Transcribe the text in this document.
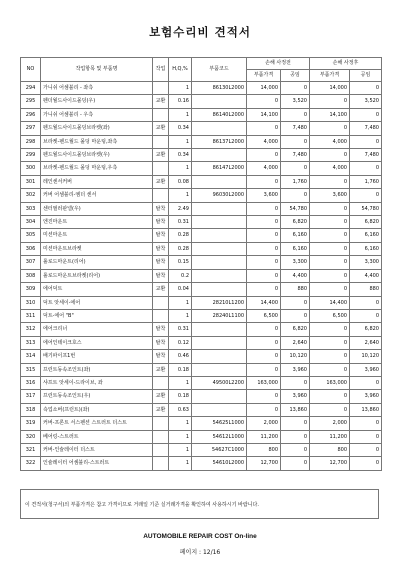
보험수리비 견적서
NO	작업항목 및 부품명	작업	H,Q,%	부품코드	손해 사정전		손해 사정후	
					부품가격	공임	부품가격	공임
294	가니쉬 어셈블리 - 좌측		1	86130L2000	14,000	0	14,000	0
295	펜더월드사이드몰딩(우)	교환	0.16		0	3,520	0	3,520
296	가니쉬 어셈블리 - 우측		1	86140L2000	14,100	0	14,100	0
297	펜드월드사이드몰딩브라켓(좌)	교환	0.34		0	7,480	0	7,480
298	브라켓-펜드월드 몰딩 마운팅,좌측		1	86137L2000	4,000	0	4,000	0
299	펜드월드사이드몰딩브라켓(우)	교환	0.34		0	7,480	0	7,480
300	브라켓-펜드월드 몰딩 마운팅,우측		1	86147L2000	4,000	0	4,000	0
301	레인센서커버	교환	0.08		0	1,760	0	1,760
302	커버 어셈블리-엠더 센서		1	96030L2000	3,600	0	3,600	0
303	센터필러판넬(우)	탈착	2.49		0	54,780	0	54,780
304	엔진마운트	탈착	0.31		0	6,820	0	6,820
305	미션마운트	탈착	0.28		0	6,160	0	6,160
306	미션마운트브라켓	탈착	0.28		0	6,160	0	6,160
307	롤로드마운트(리어)	탈착	0.15		0	3,300	0	3,300
308	롤로드마운트브라켓(리어)	탈착	0.2		0	4,400	0	4,400
309	에어덕트	교환	0.04		0	880	0	880
310	덕트 앗세이-에어		1	28210L1200	14,400	0	14,400	0
311	덕트-에어 "B"		1	28240L1100	6,500	0	6,500	0
312	에어크리너	탈착	0.31		0	6,820	0	6,820
313	에어인테이크호스	탈착	0.12		0	2,640	0	2,640
314	배기파이프1번	탈착	0.46		0	10,120	0	10,120
315	프런트동속조인트(좌)	교환	0.18		0	3,960	0	3,960
316	샤프트 앗세이-드라이브, 좌		1	49500L2200	163,000	0	163,000	0
317	프런트동속조인트(우)	교환	0.18		0	3,960	0	3,960
318	쇽업소버(프런트)(좌)	교환	0.63		0	13,860	0	13,860
319	커버-프론트 서스펜션 스트러트 더스트		1	54625L1000	2,000	0	2,000	0
320	베어링-스트러트		1	54612L1000	11,200	0	11,200	0
321	커버-인슐레이터 더스트		1	54627C1000	800	0	800	0
322	인슐레이터 어셈블리-스트러트		1	54610L2000	12,700	0	12,700	0
이 견적서(청구서)의 부품가격은 참고 가격이므로 거래일 기준 실거래가격을 확인하여 사용하시기 바랍니다.
AUTOMOBILE REPAIR COST On-line
페이지 : 12/16
